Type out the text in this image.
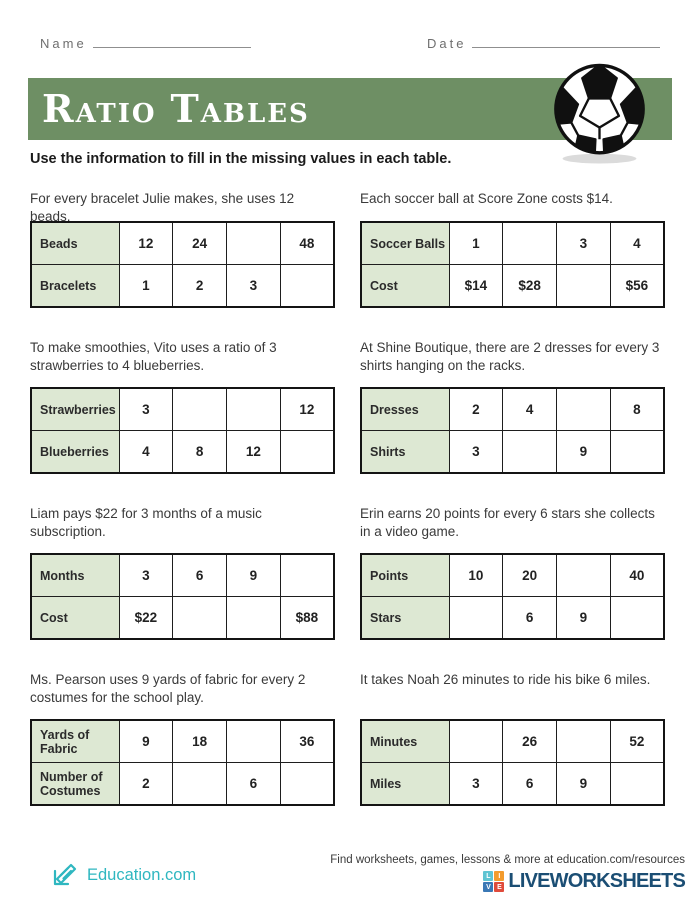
Name	Date
R ATIO T ABLES
Use the information to fill in the missing values in each table.
For every bracelet Julie makes, she uses 12 beads.
Beads	12	24		48
Bracelets	1	2	3	
Each soccer ball at Score Zone costs $14.
Soccer Balls	1		3	4
Cost	$14	$28		$56
To make smoothies, Vito uses a ratio of 3 strawberries to 4 blueberries.
Strawberries	3			12
Blueberries	4	8	12	
At Shine Boutique, there are 2 dresses for every 3 shirts hanging on the racks.
Dresses	2	4		8
Shirts	3		9	
Liam pays $22 for 3 months of a music subscription.
Months	3	6	9	
Cost	$22			$88
Erin earns 20 points for every 6 stars she collects in a video game.
Points	10	20		40
Stars		6	9	
Ms. Pearson uses 9 yards of fabric for every 2 costumes for the school play.
Yards of Fabric	9	18		36
Number of Costumes	2		6	
It takes Noah 26 minutes to ride his bike 6 miles.
Minutes		26		52
Miles	3	6	9	
Education.com
Find worksheets, games, lessons & more at education.com/resources
L	I
V E LIVEWORKSHEETS
